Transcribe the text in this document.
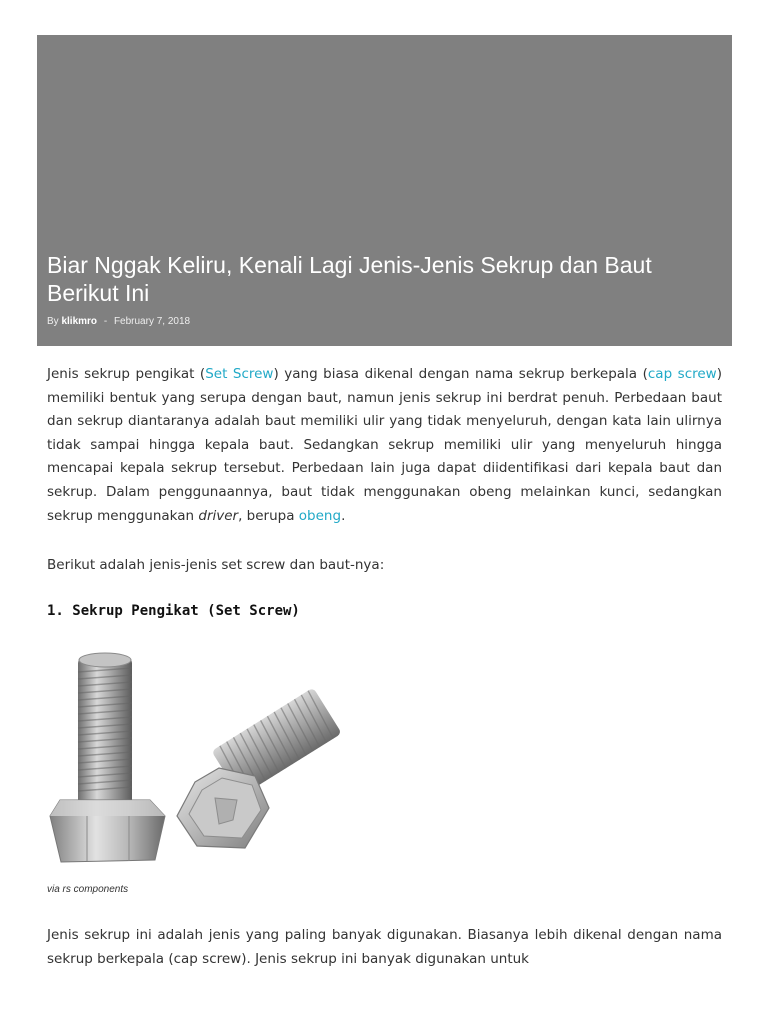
Biar Nggak Keliru, Kenali Lagi Jenis-Jenis Sekrup dan Baut Berikut Ini
By klikmro - February 7, 2018

Jenis sekrup pengikat (Set Screw) yang biasa dikenal dengan nama sekrup berkepala (cap screw) memiliki bentuk yang serupa dengan baut, namun jenis sekrup ini berdrat penuh. Perbedaan baut dan sekrup diantaranya adalah baut memiliki ulir yang tidak menyeluruh, dengan kata lain ulirnya tidak sampai hingga kepala baut. Sedangkan sekrup memiliki ulir yang menyeluruh hingga mencapai kepala sekrup tersebut. Perbedaan lain juga dapat diidentifikasi dari kepala baut dan sekrup. Dalam penggunaannya, baut tidak menggunakan obeng melainkan kunci, sedangkan sekrup menggunakan driver, berupa obeng.

Berikut adalah jenis-jenis set screw dan baut-nya:

1. Sekrup Pengikat (Set Screw)
via rs components

Jenis sekrup ini adalah jenis yang paling banyak digunakan. Biasanya lebih dikenal dengan nama sekrup berkepala (cap screw). Jenis sekrup ini banyak digunakan untuk
